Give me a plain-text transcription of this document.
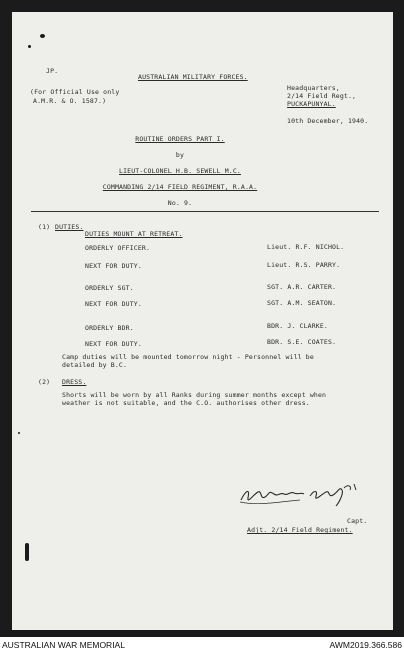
JP.
AUSTRALIAN MILITARY FORCES.
(For Official Use only
A.M.R. & O. 1587.)
Headquarters,
2/14 Field Regt.,
PUCKAPUNYAL.
10th December, 1940.
ROUTINE ORDERS PART I.
by
LIEUT-COLONEL H.B. SEWELL M.C.
COMMANDING 2/14 FIELD REGIMENT, R.A.A.
No. 9.
(1) DUTIES.
DUTIES MOUNT AT RETREAT.
ORDERLY OFFICER.	Lieut. R.F. NICHOL.
NEXT FOR DUTY.	Lieut. R.S. PARRY.
ORDERLY SGT.	SGT. A.R. CARTER.
NEXT FOR DUTY.	SGT. A.M. SEATON.
ORDERLY BDR.	BDR. J. CLARKE.
NEXT FOR DUTY.	BDR. S.E. COATES.
Camp duties will be mounted tomorrow night - Personnel will be
detailed by B.C.
(2) DRESS.
Shorts will be worn by all Ranks during summer months except when
weather is not suitable, and the C.O. authorises other dress.
Capt.
Adjt. 2/14 Field Regiment.
AUSTRALIAN WAR MEMORIAL	AWM2019.366.586
